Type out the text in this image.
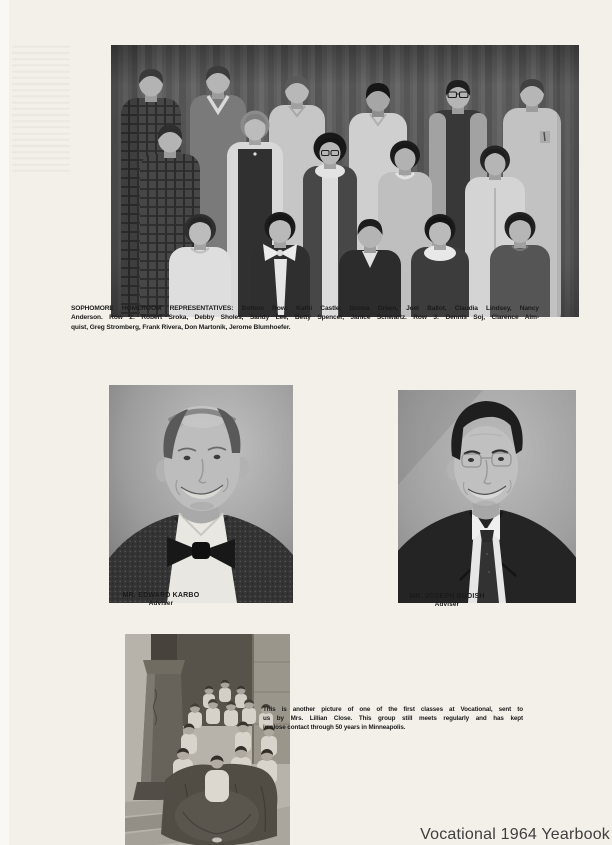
SOPHOMORE HOMEROOM REPRESENTATIVES: Bottom Row: Kathi Castle, Donna Green, Joel Ballot, Claudia Lindsey, Nancy
Anderson. Row 2: Robert Sroka, Debby Sholes, Sandy Lee, Betty Spencer, Janice Schwartz. Row 3: Dennis Soj, Clarence Alm-
quist, Greg Stromberg, Frank Rivera, Don Martonik, Jerome Blumhoefer.
MR. EDWARD KARBO
Adviser
MR. JOSEPH BUDISH
Adviser
This is another picture of one of the first classes at Vocational, sent to
us by Mrs. Lillian Close. This group still meets regularly and has kept
in close contact through 50 years in Minneapolis.
Vocational 1964 Yearbook
